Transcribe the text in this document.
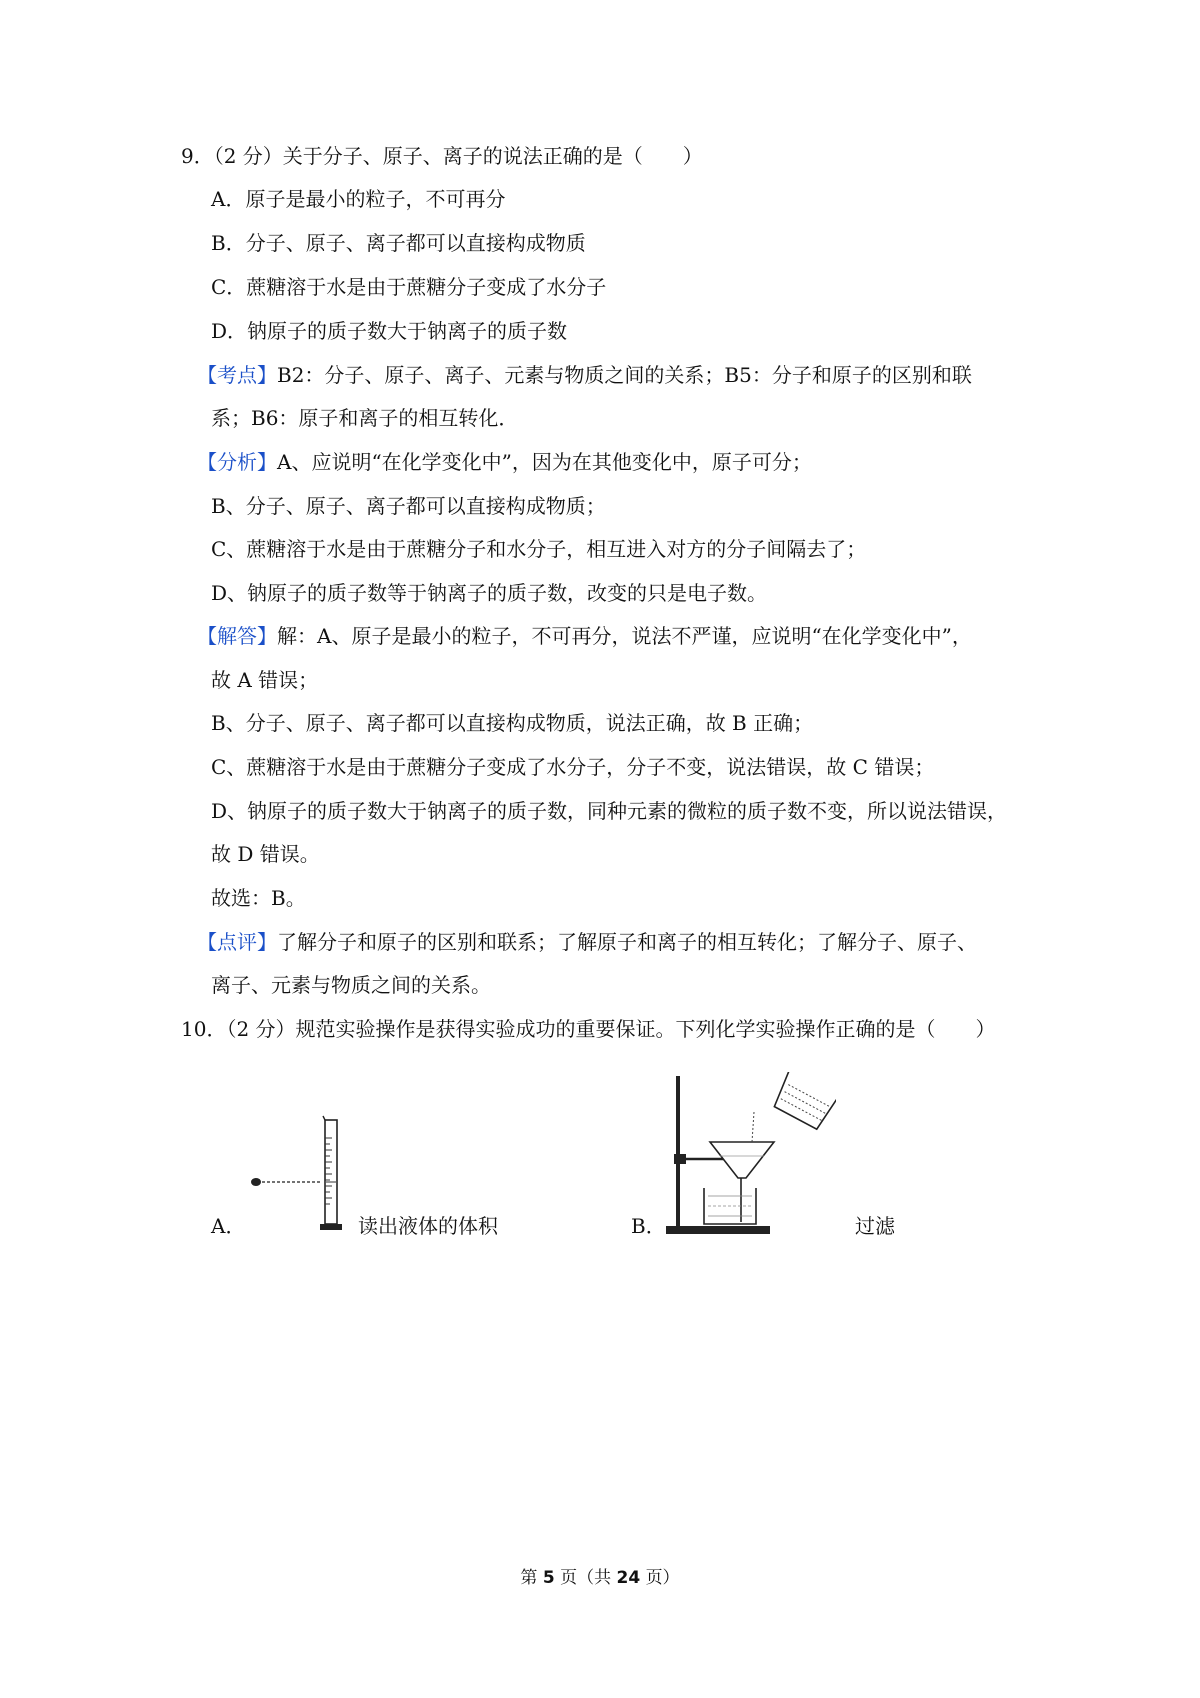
9．（2 分）关于分子、原子、离子的说法正确的是（　　）
A．原子是最小的粒子，不可再分
B．分子、原子、离子都可以直接构成物质
C．蔗糖溶于水是由于蔗糖分子变成了水分子
D．钠原子的质子数大于钠离子的质子数
【考点】B2：分子、原子、离子、元素与物质之间的关系；B5：分子和原子的区别和联
系；B6：原子和离子的相互转化．
【分析】A、应说明“在化学变化中”，因为在其他变化中，原子可分；
B、分子、原子、离子都可以直接构成物质；
C、蔗糖溶于水是由于蔗糖分子和水分子，相互进入对方的分子间隔去了；
D、钠原子的质子数等于钠离子的质子数，改变的只是电子数。
【解答】解：A、原子是最小的粒子，不可再分，说法不严谨，应说明“在化学变化中”，
故 A 错误；
B、分子、原子、离子都可以直接构成物质，说法正确，故 B 正确；
C、蔗糖溶于水是由于蔗糖分子变成了水分子，分子不变，说法错误，故 C 错误；
D、钠原子的质子数大于钠离子的质子数，同种元素的微粒的质子数不变，所以说法错误，
故 D 错误。
故选：B。
【点评】了解分子和原子的区别和联系；了解原子和离子的相互转化；了解分子、原子、
离子、元素与物质之间的关系。
10．（2 分）规范实验操作是获得实验成功的重要保证。下列化学实验操作正确的是（　　）
A．	读出液体的体积	B．	过滤
第 5 页（共 24 页）
